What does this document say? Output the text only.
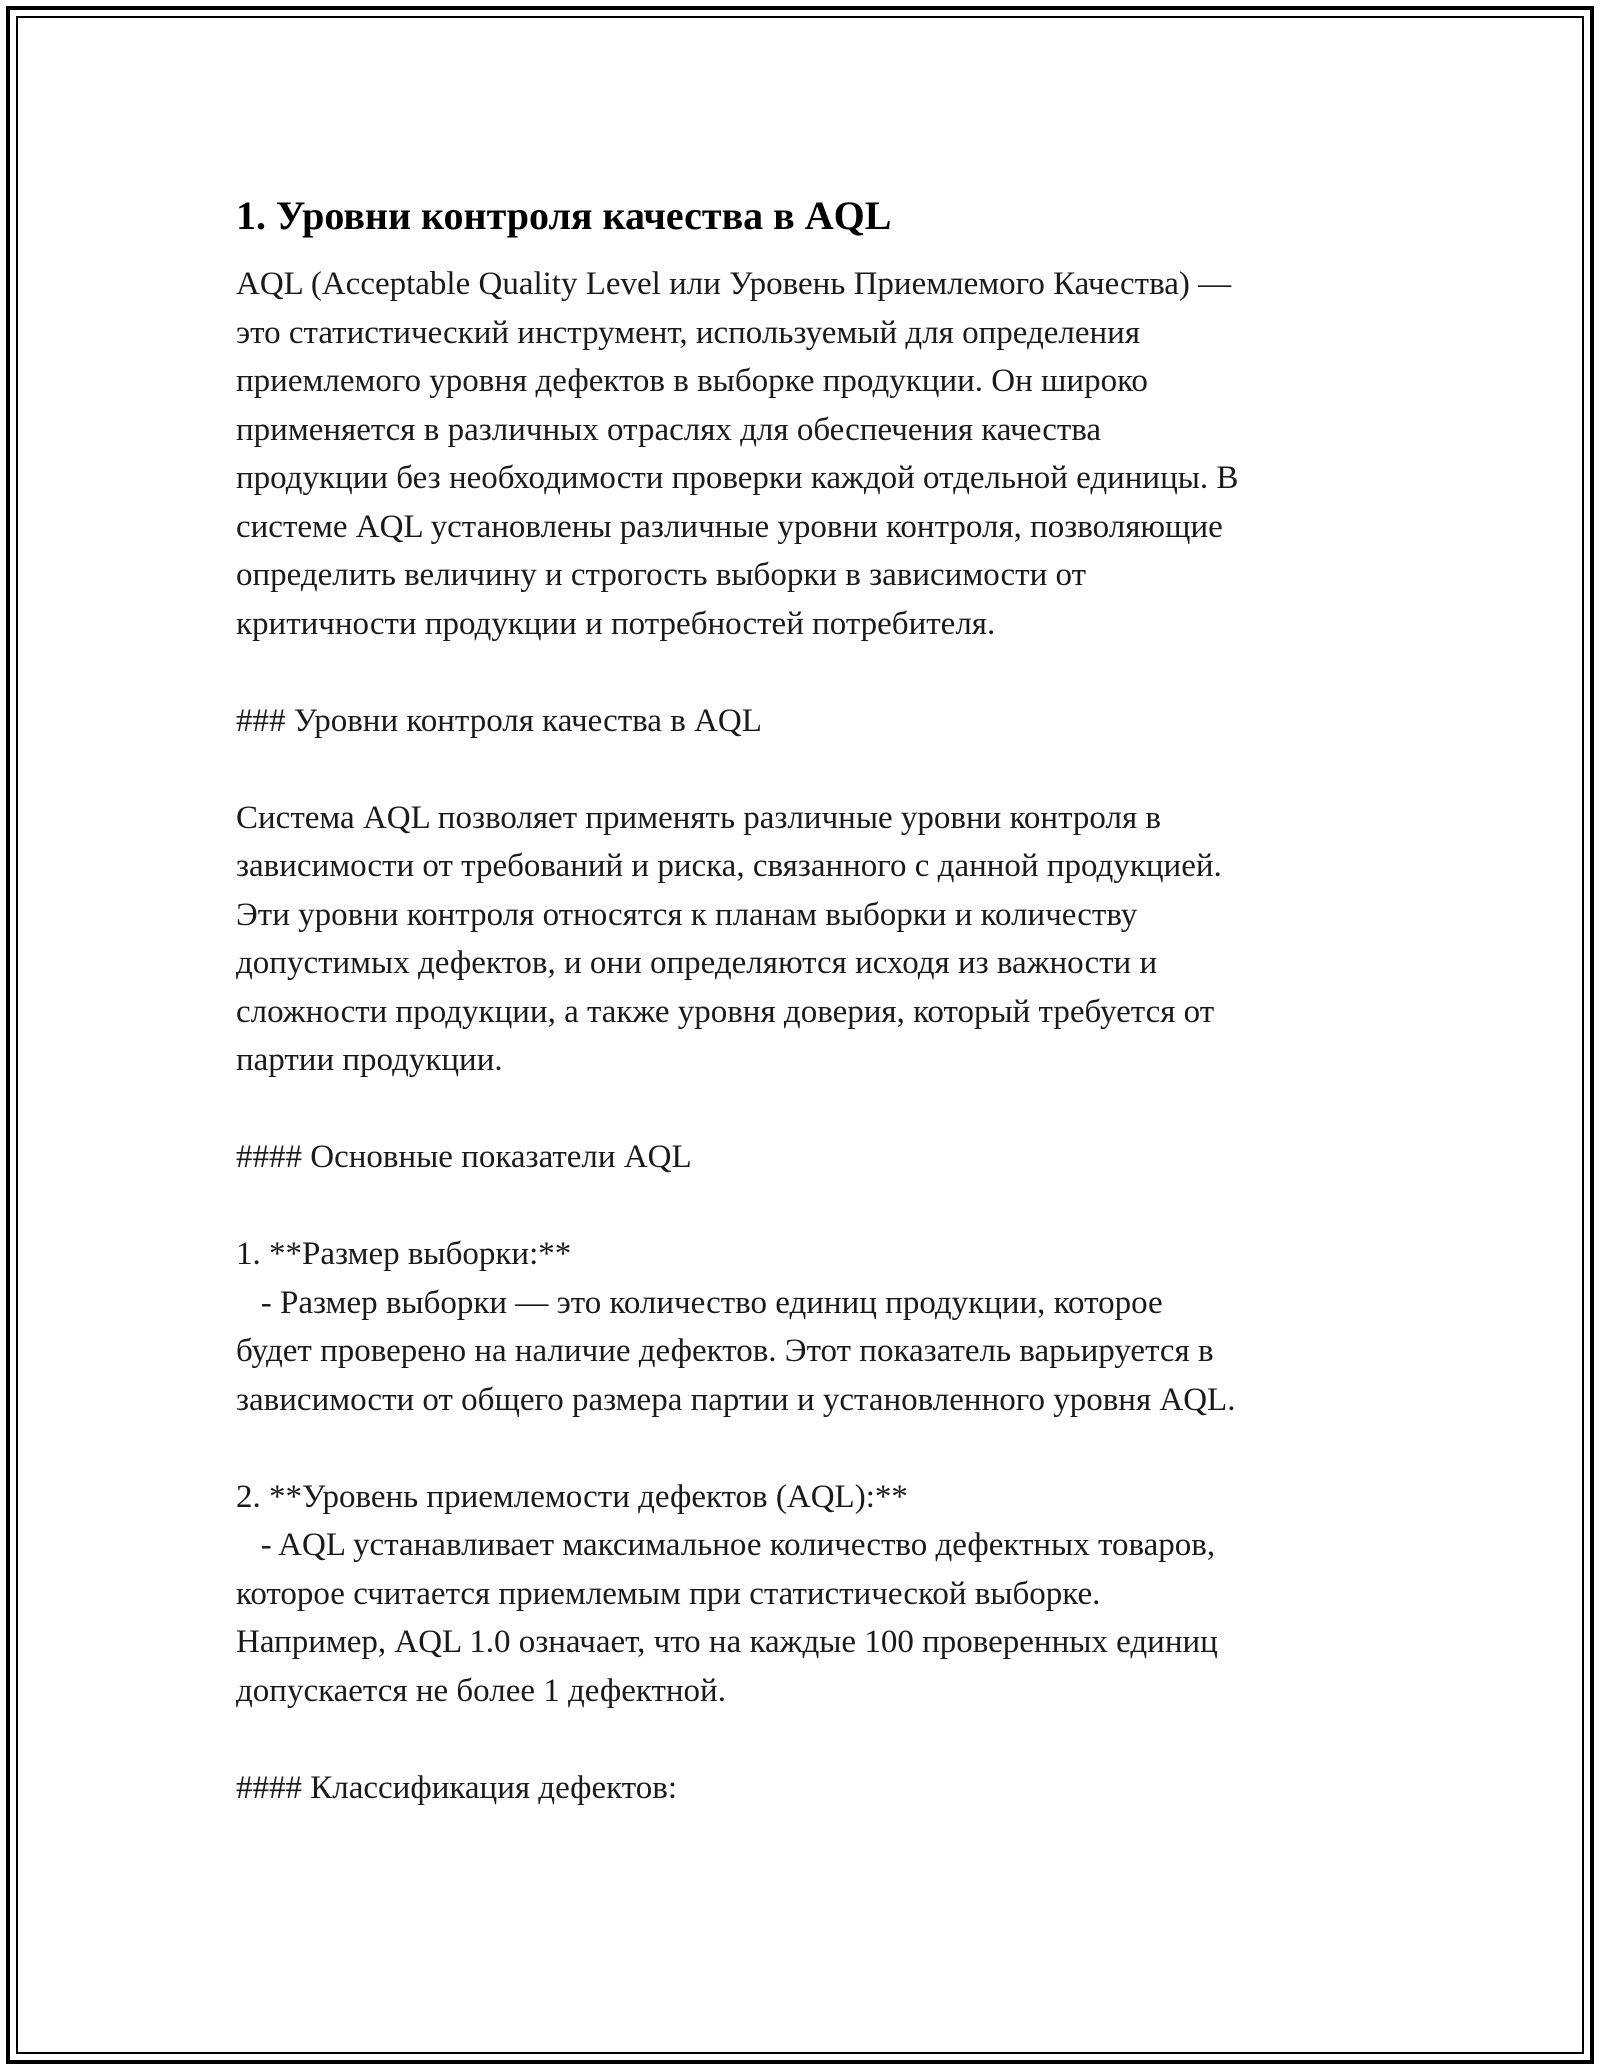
1. Уровни контроля качества в AQL
AQL (Acceptable Quality Level или Уровень Приемлемого Качества) —
это статистический инструмент, используемый для определения
приемлемого уровня дефектов в выборке продукции. Он широко
применяется в различных отраслях для обеспечения качества
продукции без необходимости проверки каждой отдельной единицы. В
системе AQL установлены различные уровни контроля, позволяющие
определить величину и строгость выборки в зависимости от
критичности продукции и потребностей потребителя.
### Уровни контроля качества в AQL
Система AQL позволяет применять различные уровни контроля в
зависимости от требований и риска, связанного с данной продукцией.
Эти уровни контроля относятся к планам выборки и количеству
допустимых дефектов, и они определяются исходя из важности и
сложности продукции, а также уровня доверия, который требуется от
партии продукции.
#### Основные показатели AQL
1. **Размер выборки:**
- Размер выборки — это количество единиц продукции, которое
будет проверено на наличие дефектов. Этот показатель варьируется в
зависимости от общего размера партии и установленного уровня AQL.
2. **Уровень приемлемости дефектов (AQL):**
- AQL устанавливает максимальное количество дефектных товаров,
которое считается приемлемым при статистической выборке.
Например, AQL 1.0 означает, что на каждые 100 проверенных единиц
допускается не более 1 дефектной.
#### Классификация дефектов:
